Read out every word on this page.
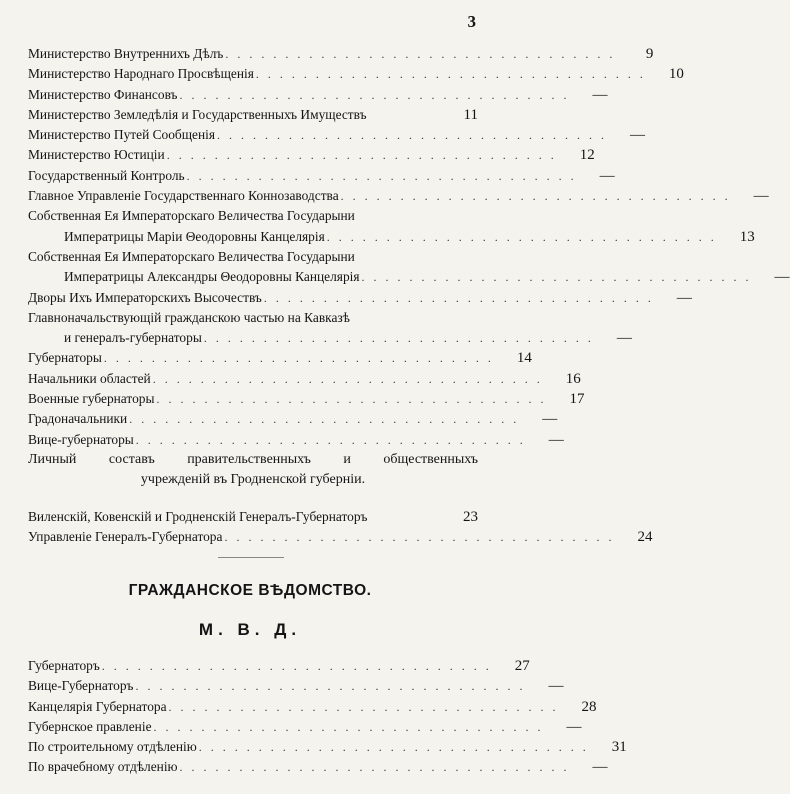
3
Министерство Внутреннихъ Дѣлъ . . . . . . . . . . . . . . . . . . . . . . . . . . . . . . . . .	9
Министерство Народнаго Просвѣщенія . . . . . . . . . . . . . . . . . . . . . . . . . . . . . . . . .	10
Министерство Финансовъ . . . . . . . . . . . . . . . . . . . . . . . . . . . . . . . . .	—
Министерство Земледѣлія и Государственныхъ Имуществъ	11
Министерство Путей Сообщенія . . . . . . . . . . . . . . . . . . . . . . . . . . . . . . . . .	—
Министерство Юстиціи . . . . . . . . . . . . . . . . . . . . . . . . . . . . . . . . .	12
Государственный Контроль . . . . . . . . . . . . . . . . . . . . . . . . . . . . . . . . .	—
Главное Управленіе Государственнаго Коннозаводства . . . . . . . . . . . . . . . . . . . . . . . . . . . . . . . . .	—
Собственная Ея Императорскаго Величества Государыни
Императрицы Маріи Θеодоровны Канцелярія . . . . . . . . . . . . . . . . . . . . . . . . . . . . . . . . .	13
Собственная Ея Императорскаго Величества Государыни
Императрицы Александры Θеодоровны Канцелярія . . . . . . . . . . . . . . . . . . . . . . . . . . . . . . . . .	—
Дворы Ихъ Императорскихъ Высочествъ . . . . . . . . . . . . . . . . . . . . . . . . . . . . . . . . .	—
Главноначальствующій гражданскою частью на Кавказѣ
и генералъ-губернаторы . . . . . . . . . . . . . . . . . . . . . . . . . . . . . . . . .	—
Губернаторы . . . . . . . . . . . . . . . . . . . . . . . . . . . . . . . . .	14
Начальники областей . . . . . . . . . . . . . . . . . . . . . . . . . . . . . . . . .	16
Военные губернаторы . . . . . . . . . . . . . . . . . . . . . . . . . . . . . . . . .	17
Градоначальники . . . . . . . . . . . . . . . . . . . . . . . . . . . . . . . . .	—
Вице-губернаторы . . . . . . . . . . . . . . . . . . . . . . . . . . . . . . . . .	—
Личный составъ правительственныхъ и общественныхъ
учрежденій въ Гродненской губерніи.
Виленскій, Ковенскій и Гродненскій Генералъ-Губернаторъ	23
Управленіе Генералъ-Губернатора . . . . . . . . . . . . . . . . . . . . . . . . . . . . . . . . .	24
ГРАЖДАНСКОЕ ВѢДОМСТВО.
М. В. Д.
Губернаторъ . . . . . . . . . . . . . . . . . . . . . . . . . . . . . . . . .	27
Вице-Губернаторъ . . . . . . . . . . . . . . . . . . . . . . . . . . . . . . . . .	—
Канцелярія Губернатора . . . . . . . . . . . . . . . . . . . . . . . . . . . . . . . . .	28
Губернское правленіе . . . . . . . . . . . . . . . . . . . . . . . . . . . . . . . . .	—
По строительному отдѣленію . . . . . . . . . . . . . . . . . . . . . . . . . . . . . . . . .	31
По врачебному отдѣленію . . . . . . . . . . . . . . . . . . . . . . . . . . . . . . . . .	—
